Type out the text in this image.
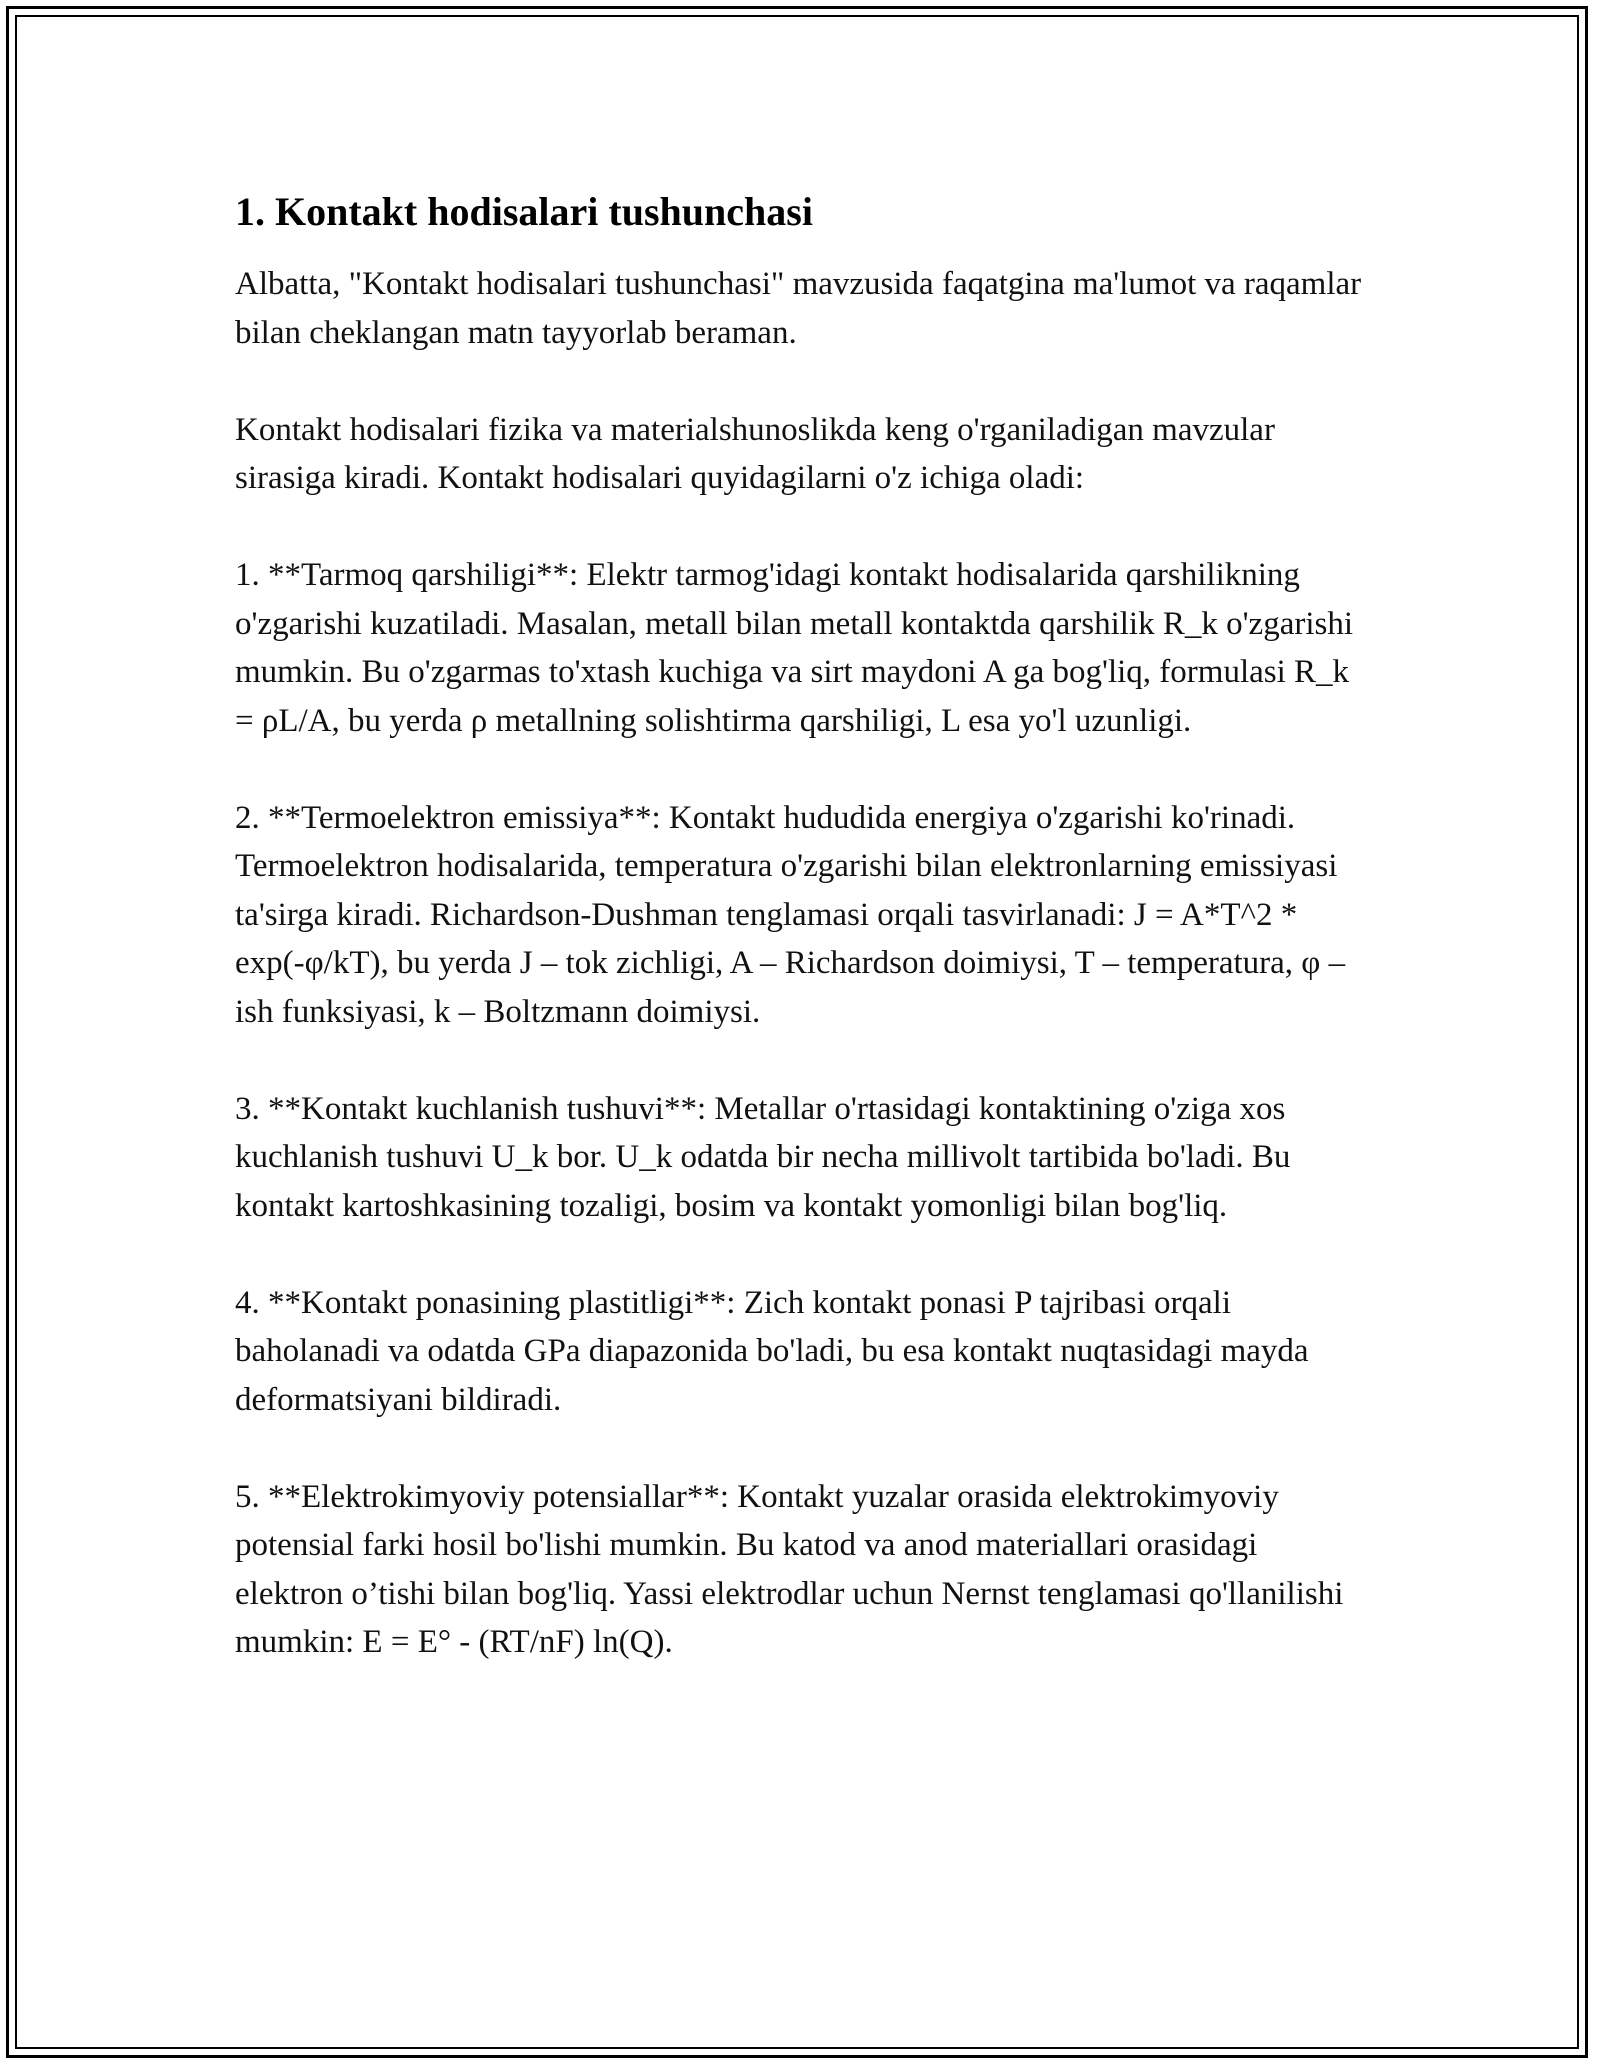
1. Kontakt hodisalari tushunchasi

Albatta, "Kontakt hodisalari tushunchasi" mavzusida faqatgina ma'lumot va raqamlar bilan cheklangan matn tayyorlab beraman.

Kontakt hodisalari fizika va materialshunoslikda keng o'rganiladigan mavzular sirasiga kiradi. Kontakt hodisalari quyidagilarni o'z ichiga oladi:

1. **Tarmoq qarshiligi**: Elektr tarmog'idagi kontakt hodisalarida qarshilikning o'zgarishi kuzatiladi. Masalan, metall bilan metall kontaktda qarshilik R_k o'zgarishi mumkin. Bu o'zgarmas to'xtash kuchiga va sirt maydoni A ga bog'liq, formulasi R_k = ρL/A, bu yerda ρ metallning solishtirma qarshiligi, L esa yo'l uzunligi.

2. **Termoelektron emissiya**: Kontakt hududida energiya o'zgarishi ko'rinadi. Termoelektron hodisalarida, temperatura o'zgarishi bilan elektronlarning emissiyasi ta'sirga kiradi. Richardson-Dushman tenglamasi orqali tasvirlanadi: J = A*T^2 * exp(-φ/kT), bu yerda J – tok zichligi, A – Richardson doimiysi, T – temperatura, φ – ish funksiyasi, k – Boltzmann doimiysi.

3. **Kontakt kuchlanish tushuvi**: Metallar o'rtasidagi kontaktining o'ziga xos kuchlanish tushuvi U_k bor. U_k odatda bir necha millivolt tartibida bo'ladi. Bu kontakt kartoshkasining tozaligi, bosim va kontakt yomonligi bilan bog'liq.

4. **Kontakt ponasining plastitligi**: Zich kontakt ponasi P tajribasi orqali baholanadi va odatda GPa diapazonida bo'ladi, bu esa kontakt nuqtasidagi mayda deformatsiyani bildiradi.

5. **Elektrokimyoviy potensiallar**: Kontakt yuzalar orasida elektrokimyoviy potensial farki hosil bo'lishi mumkin. Bu katod va anod materiallari orasidagi elektron o’tishi bilan bog'liq. Yassi elektrodlar uchun Nernst tenglamasi qo'llanilishi mumkin: E = E° - (RT/nF) ln(Q).
